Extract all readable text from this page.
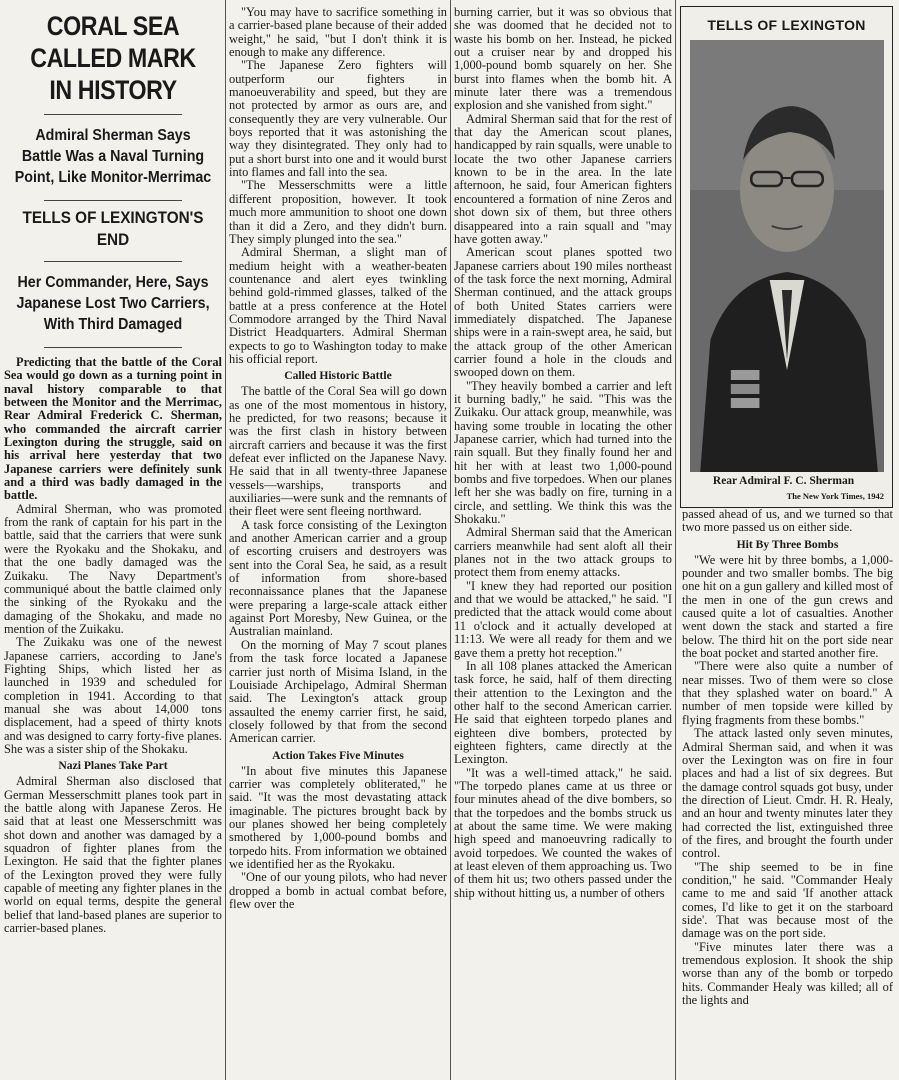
CORAL SEA CALLED MARK IN HISTORY
Admiral Sherman Says Battle Was a Naval Turning Point, Like Monitor-Merrimac
TELLS OF LEXINGTON'S END
Her Commander, Here, Says Japanese Lost Two Carriers, With Third Damaged

Predicting that the battle of the Coral Sea would go down as a turning point in naval history comparable to that between the Monitor and the Merrimac, Rear Admiral Frederick C. Sherman, who commanded the aircraft carrier Lexington during the struggle, said on his arrival here yesterday that two Japanese carriers were definitely sunk and a third was badly damaged in the battle.

Admiral Sherman, who was promoted from the rank of captain for his part in the battle, said that the carriers that were sunk were the Ryokaku and the Shokaku, and that the one badly damaged was the Zuikaku. The Navy Department's communiqué about the battle claimed only the sinking of the Ryokaku and the damaging of the Shokaku, and made no mention of the Zuikaku.

The Zuikaku was one of the newest Japanese carriers, according to Jane's Fighting Ships, which listed her as launched in 1939 and scheduled for completion in 1941. According to that manual she was about 14,000 tons displacement, had a speed of thirty knots and was designed to carry forty-five planes. She was a sister ship of the Shokaku.

Nazi Planes Take Part

Admiral Sherman also disclosed that German Messerschmitt planes took part in the battle along with Japanese Zeros. He said that at least one Messerschmitt was shot down and another was damaged by a squadron of fighter planes from the Lexington. He said that the fighter planes of the Lexington proved they were fully capable of meeting any fighter planes in the world on equal terms, despite the general belief that land-based planes are superior to carrier-based planes.

"You may have to sacrifice something in a carrier-based plane because of their added weight," he said, "but I don't think it is enough to make any difference.

"The Japanese Zero fighters will outperform our fighters in manoeuverability and speed, but they are not protected by armor as ours are, and consequently they are very vulnerable. Our boys reported that it was astonishing the way they disintegrated. They only had to put a short burst into one and it would burst into flames and fall into the sea.

"The Messerschmitts were a little different proposition, however. It took much more ammunition to shoot one down than it did a Zero, and they didn't burn. They simply plunged into the sea."

Admiral Sherman, a slight man of medium height with a weather-beaten countenance and alert eyes twinkling behind gold-rimmed glasses, talked of the battle at a press conference at the Hotel Commodore arranged by the Third Naval District Headquarters. Admiral Sherman expects to go to Washington today to make his official report.

Called Historic Battle

The battle of the Coral Sea will go down as one of the most momentous in history, he predicted, for two reasons; because it was the first clash in history between aircraft carriers and because it was the first defeat ever inflicted on the Japanese Navy. He said that in all twenty-three Japanese vessels—warships, transports and auxiliaries—were sunk and the remnants of their fleet were sent fleeing northward.

A task force consisting of the Lexington and another American carrier and a group of escorting cruisers and destroyers was sent into the Coral Sea, he said, as a result of information from shore-based reconnaissance planes that the Japanese were preparing a large-scale attack either against Port Moresby, New Guinea, or the Australian mainland.

On the morning of May 7 scout planes from the task force located a Japanese carrier just north of Misima Island, in the Louisiade Archipelago, Admiral Sherman said. The Lexington's attack group assaulted the enemy carrier first, he said, closely followed by that from the second American carrier.

Action Takes Five Minutes

"In about five minutes this Japanese carrier was completely obliterated," he said. "It was the most devastating attack imaginable. The pictures brought back by our planes showed her being completely smothered by 1,000-pound bombs and torpedo hits. From information we obtained we identified her as the Ryokaku.

"One of our young pilots, who had never dropped a bomb in actual combat before, flew over the

burning carrier, but it was so obvious that she was doomed that he decided not to waste his bomb on her. Instead, he picked out a cruiser near by and dropped his 1,000-pound bomb squarely on her. She burst into flames when the bomb hit. A minute later there was a tremendous explosion and she vanished from sight."

Admiral Sherman said that for the rest of that day the American scout planes, handicapped by rain squalls, were unable to locate the two other Japanese carriers known to be in the area. In the late afternoon, he said, four American fighters encountered a formation of nine Zeros and shot down six of them, but three others disappeared into a rain squall and "may have gotten away."

American scout planes spotted two Japanese carriers about 190 miles northeast of the task force the next morning, Admiral Sherman continued, and the attack groups of both United States carriers were immediately dispatched. The Japanese ships were in a rain-swept area, he said, but the attack group of the other American carrier found a hole in the clouds and swooped down on them.

"They heavily bombed a carrier and left it burning badly," he said. "This was the Zuikaku. Our attack group, meanwhile, was having some trouble in locating the other Japanese carrier, which had turned into the rain squall. But they finally found her and hit her with at least two 1,000-pound bombs and five torpedoes. When our planes left her she was badly on fire, turning in a circle, and settling. We think this was the Shokaku."

Admiral Sherman said that the American carriers meanwhile had sent aloft all their planes not in the two attack groups to protect them from enemy attacks.

"I knew they had reported our position and that we would be attacked," he said. "I predicted that the attack would come about 11 o'clock and it actually developed at 11:13. We were all ready for them and we gave them a pretty hot reception."

In all 108 planes attacked the American task force, he said, half of them directing their attention to the Lexington and the other half to the second American carrier. He said that eighteen torpedo planes and eighteen dive bombers, protected by eighteen fighters, came directly at the Lexington.

"It was a well-timed attack," he said. "The torpedo planes came at us three or four minutes ahead of the dive bombers, so that the torpedoes and the bombs struck us at about the same time. We were making high speed and manoeuvring radically to avoid torpedoes. We counted the wakes of at least eleven of them approaching us. Two of them hit us; two others passed under the ship without hitting us, a number of others

TELLS OF LEXINGTON
Rear Admiral F. C. Sherman
The New York Times, 1942

passed ahead of us, and we turned so that two more passed us on either side.

Hit By Three Bombs

"We were hit by three bombs, a 1,000-pounder and two smaller bombs. The big one hit on a gun gallery and killed most of the men in one of the gun crews and caused quite a lot of casualties. Another went down the stack and started a fire below. The third hit on the port side near the boat pocket and started another fire.

"There were also quite a number of near misses. Two of them were so close that they splashed water on board." A number of men topside were killed by flying fragments from these bombs."

The attack lasted only seven minutes, Admiral Sherman said, and when it was over the Lexington was on fire in four places and had a list of six degrees. But the damage control squads got busy, under the direction of Lieut. Cmdr. H. R. Healy, and an hour and twenty minutes later they had corrected the list, extinguished three of the fires, and brought the fourth under control.

"The ship seemed to be in fine condition," he said. "Commander Healy came to me and said 'If another attack comes, I'd like to get it on the starboard side'. That was because most of the damage was on the port side.

"Five minutes later there was a tremendous explosion. It shook the ship worse than any of the bomb or torpedo hits. Commander Healy was killed; all of the lights and
